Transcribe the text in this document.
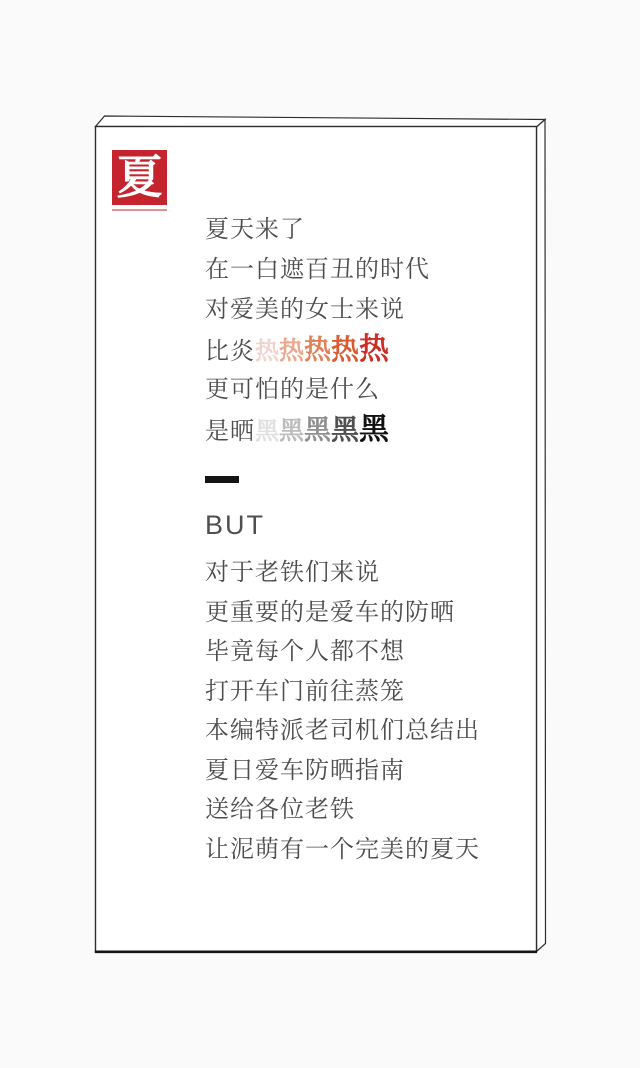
夏

夏天来了

在一白遮百丑的时代

对爱美的女士来说

比炎热热热热热

更可怕的是什么

是晒黑黑黑黑黑

BUT

对于老铁们来说

更重要的是爱车的防晒

毕竟每个人都不想

打开车门前往蒸笼

本编特派老司机们总结出

夏日爱车防晒指南

送给各位老铁

让泥萌有一个完美的夏天
